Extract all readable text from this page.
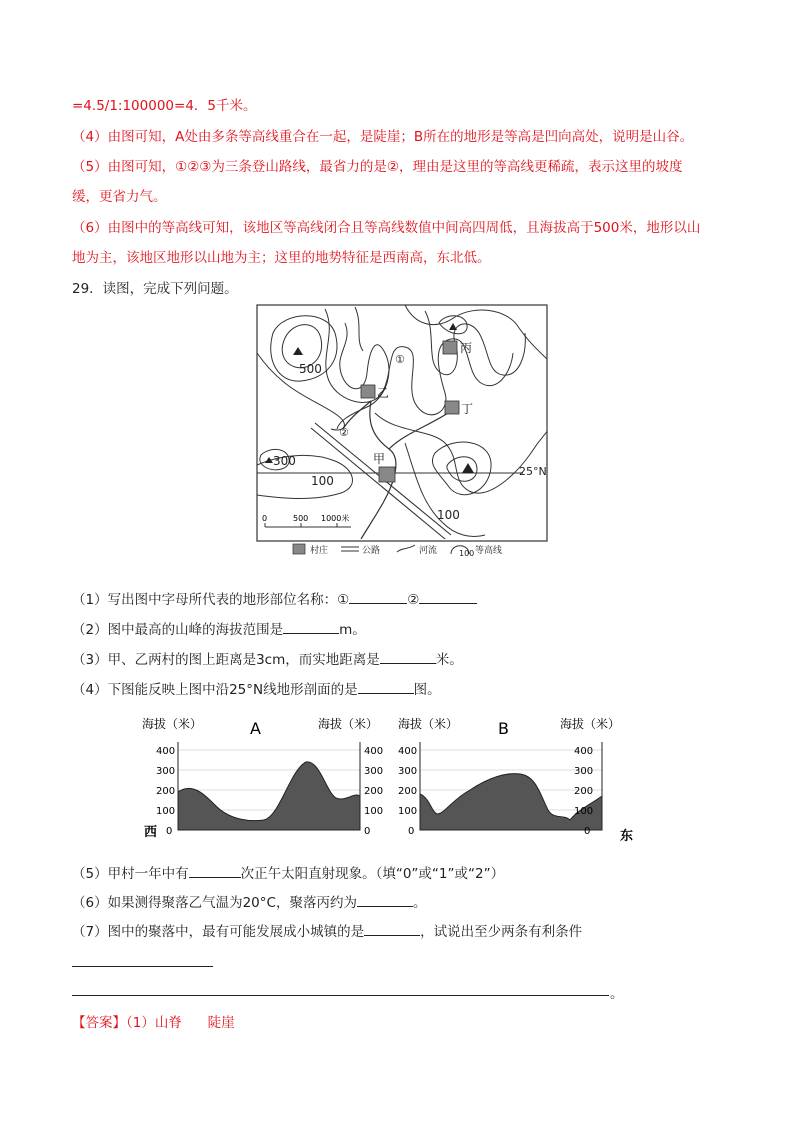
=4.5/1:100000=4．5千米。
（4）由图可知，A处由多条等高线重合在一起，是陡崖；B所在的地形是等高是凹向高处，说明是山谷。
（5）由图可知，①②③为三条登山路线，最省力的是②，理由是这里的等高线更稀疏，表示这里的坡度
缓，更省力气。
（6）由图中的等高线可知，该地区等高线闭合且等高线数值中间高四周低，且海拔高于500米，地形以山
地为主，该地区地形以山地为主；这里的地势特征是西南高，东北低。
29．读图，完成下列问题。
500
300
100
100
25°N
甲
乙
丙
丁
①
②
0	500 1000米
村庄	公路	河流	100 等高线
（1）写出图中字母所代表的地形部位名称：①	②
（2）图中最高的山峰的海拔范围是	m。
（3）甲、乙两村的图上距离是3cm，而实地距离是	米。
（4）下图能反映上图中沿25°N线地形剖面的是	图。
海拔（米）	A	海拔（米）
400
300
200
100
0
400
300
200
100
0
西
海拔（米） B	海拔（米）
400
300
200
100
0
400
300
200
100
0 东
（5）甲村一年中有	次正午太阳直射现象。（填“0”或“1”或“2”）
（6）如果测得聚落乙气温为20°C，聚落丙约为	。
（7）图中的聚落中，最有可能发展成小城镇的是	，试说出至少两条有利条件
。
【答案】（1）山脊      陡崖
